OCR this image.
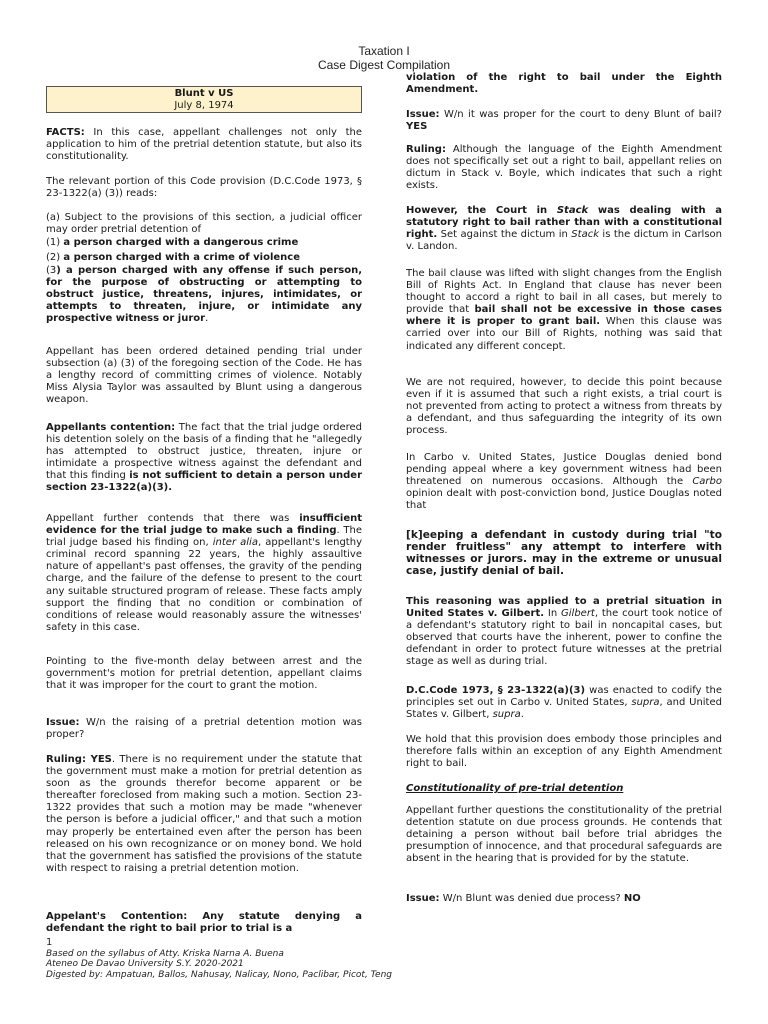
Taxation I
Case Digest Compilation
Blunt v US
July 8, 1974

FACTS: In this case, appellant challenges not only the application to him of the pretrial detention statute, but also its constitutionality.

The relevant portion of this Code provision (D.C.Code 1973, § 23-1322(a) (3)) reads:

(a) Subject to the provisions of this section, a judicial officer may order pretrial detention of

(1) a person charged with a dangerous crime

(2) a person charged with a crime of violence

(3) a person charged with any offense if such person, for the purpose of obstructing or attempting to obstruct justice, threatens, injures, intimidates, or attempts to threaten, injure, or intimidate any prospective witness or juror.

Appellant has been ordered detained pending trial under subsection (a) (3) of the foregoing section of the Code. He has a lengthy record of committing crimes of violence. Notably Miss Alysia Taylor was assaulted by Blunt using a dangerous weapon.

Appellants contention: The fact that the trial judge ordered his detention solely on the basis of a finding that he "allegedly has attempted to obstruct justice, threaten, injure or intimidate a prospective witness against the defendant and that this finding is not sufficient to detain a person under section 23-1322(a)(3).

Appellant further contends that there was insufficient evidence for the trial judge to make such a finding. The trial judge based his finding on, inter alia, appellant's lengthy criminal record spanning 22 years, the highly assaultive nature of appellant's past offenses, the gravity of the pending charge, and the failure of the defense to present to the court any suitable structured program of release. These facts amply support the finding that no condition or combination of conditions of release would reasonably assure the witnesses' safety in this case.

Pointing to the five-month delay between arrest and the government's motion for pretrial detention, appellant claims that it was improper for the court to grant the motion.

Issue: W/n the raising of a pretrial detention motion was proper?

Ruling: YES. There is no requirement under the statute that the government must make a motion for pretrial detention as soon as the grounds therefor become apparent or be thereafter foreclosed from making such a motion. Section 23-1322 provides that such a motion may be made "whenever the person is before a judicial officer," and that such a motion may properly be entertained even after the person has been released on his own recognizance or on money bond. We hold that the government has satisfied the provisions of the statute with respect to raising a pretrial detention motion.

Appelant's Contention: Any statute denying a defendant the right to bail prior to trial is a

violation of the right to bail under the Eighth Amendment.

Issue: W/n it was proper for the court to deny Blunt of bail? YES

Ruling: Although the language of the Eighth Amendment does not specifically set out a right to bail, appellant relies on dictum in Stack v. Boyle, which indicates that such a right exists.

However, the Court in Stack was dealing with a statutory right to bail rather than with a constitutional right. Set against the dictum in Stack is the dictum in Carlson v. Landon.

The bail clause was lifted with slight changes from the English Bill of Rights Act. In England that clause has never been thought to accord a right to bail in all cases, but merely to provide that bail shall not be excessive in those cases where it is proper to grant bail. When this clause was carried over into our Bill of Rights, nothing was said that indicated any different concept.

We are not required, however, to decide this point because even if it is assumed that such a right exists, a trial court is not prevented from acting to protect a witness from threats by a defendant, and thus safeguarding the integrity of its own process.

In Carbo v. United States, Justice Douglas denied bond pending appeal where a key government witness had been threatened on numerous occasions. Although the Carbo opinion dealt with post-conviction bond, Justice Douglas noted that

[k]eeping a defendant in custody during trial "to render fruitless" any attempt to interfere with witnesses or jurors. may in the extreme or unusual case, justify denial of bail.

This reasoning was applied to a pretrial situation in United States v. Gilbert. In Gilbert, the court took notice of a defendant's statutory right to bail in noncapital cases, but observed that courts have the inherent, power to confine the defendant in order to protect future witnesses at the pretrial stage as well as during trial.

D.C.Code 1973, § 23-1322(a)(3) was enacted to codify the principles set out in Carbo v. United States, supra, and United States v. Gilbert, supra.

We hold that this provision does embody those principles and therefore falls within an exception of any Eighth Amendment right to bail.

Constitutionality of pre-trial detention

Appellant further questions the constitutionality of the pretrial detention statute on due process grounds. He contends that detaining a person without bail before trial abridges the presumption of innocence, and that procedural safeguards are absent in the hearing that is provided for by the statute.

Issue: W/n Blunt was denied due process? NO

1
Based on the syllabus of Atty. Kriska Narna A. Buena
Ateneo De Davao University S.Y. 2020-2021
Digested by: Ampatuan, Ballos, Nahusay, Nalicay, Nono, Paclibar, Picot, Teng
